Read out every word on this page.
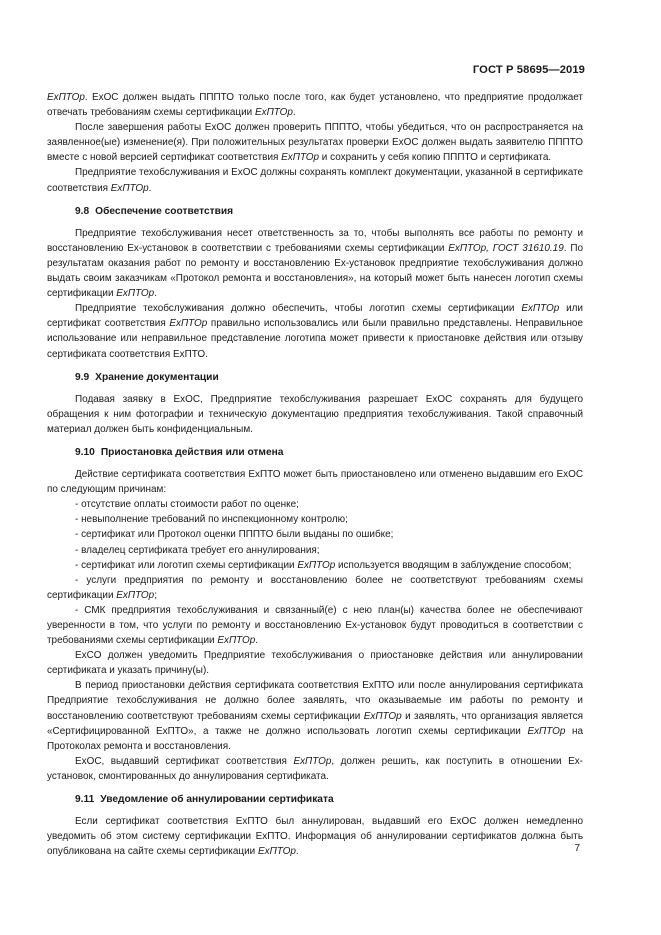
ГОСТ Р 58695—2019

ExПТОр. ExOC должен выдать ПППТО только после того, как будет установлено, что предприятие продолжает отвечать требованиям схемы сертификации ExПТОр.

После завершения работы ExOC должен проверить ПППТО, чтобы убедиться, что он распространяется на заявленное(ые) изменение(я). При положительных результатах проверки ExOC должен выдать заявителю ПППТО вместе с новой версией сертификат соответствия ExПТОр и сохранить у себя копию ПППТО и сертификата.

Предприятие техобслуживания и ExOC должны сохранять комплект документации, указанной в сертификате соответствия ExПТОр.

9.8 Обеспечение соответствия

Предприятие техобслуживания несет ответственность за то, чтобы выполнять все работы по ремонту и восстановлению Ex-установок в соответствии с требованиями схемы сертификации ExПТОр, ГОСТ 31610.19. По результатам оказания работ по ремонту и восстановлению Ex-установок предприятие техобслуживания должно выдать своим заказчикам «Протокол ремонта и восстановления», на который может быть нанесен логотип схемы сертификации ExПТОр.

Предприятие техобслуживания должно обеспечить, чтобы логотип схемы сертификации ExПТОр или сертификат соответствия ExПТОр правильно использовались или были правильно представлены. Неправильное использование или неправильное представление логотипа может привести к приостановке действия или отзыву сертификата соответствия ExПТО.

9.9 Хранение документации

Подавая заявку в ExOC, Предприятие техобслуживания разрешает ExOC сохранять для будущего обращения к ним фотографии и техническую документацию предприятия техобслуживания. Такой справочный материал должен быть конфиденциальным.

9.10 Приостановка действия или отмена

Действие сертификата соответствия ExПТО может быть приостановлено или отменено выдавшим его ExOC по следующим причинам:

- отсутствие оплаты стоимости работ по оценке;

- невыполнение требований по инспекционному контролю;

- сертификат или Протокол оценки ПППТО были выданы по ошибке;

- владелец сертификата требует его аннулирования;

- сертификат или логотип схемы сертификации ExПТОр используется вводящим в заблуждение способом;

- услуги предприятия по ремонту и восстановлению более не соответствуют требованиям схемы сертификации ExПТОр;

- СМК предприятия техобслуживания и связанный(е) с нею план(ы) качества более не обеспечивают уверенности в том, что услуги по ремонту и восстановлению Ex-установок будут проводиться в соответствии с требованиями схемы сертификации ExПТОр.

ExCO должен уведомить Предприятие техобслуживания о приостановке действия или аннулировании сертификата и указать причину(ы).

В период приостановки действия сертификата соответствия ExПТО или после аннулирования сертификата Предприятие техобслуживания не должно более заявлять, что оказываемые им работы по ремонту и восстановлению соответствуют требованиям схемы сертификации ExПТОр и заявлять, что организация является «Сертифицированной ExПТО», а также не должно использовать логотип схемы сертификации ExПТОр на Протоколах ремонта и восстановления.

ExOC, выдавший сертификат соответствия ExПТОр, должен решить, как поступить в отношении Ex-установок, смонтированных до аннулирования сертификата.

9.11 Уведомление об аннулировании сертификата

Если сертификат соответствия ExПТО был аннулирован, выдавший его ExOC должен немедленно уведомить об этом систему сертификации ExПТО. Информация об аннулировании сертификатов должна быть опубликована на сайте схемы сертификации ExПТОр.	7
